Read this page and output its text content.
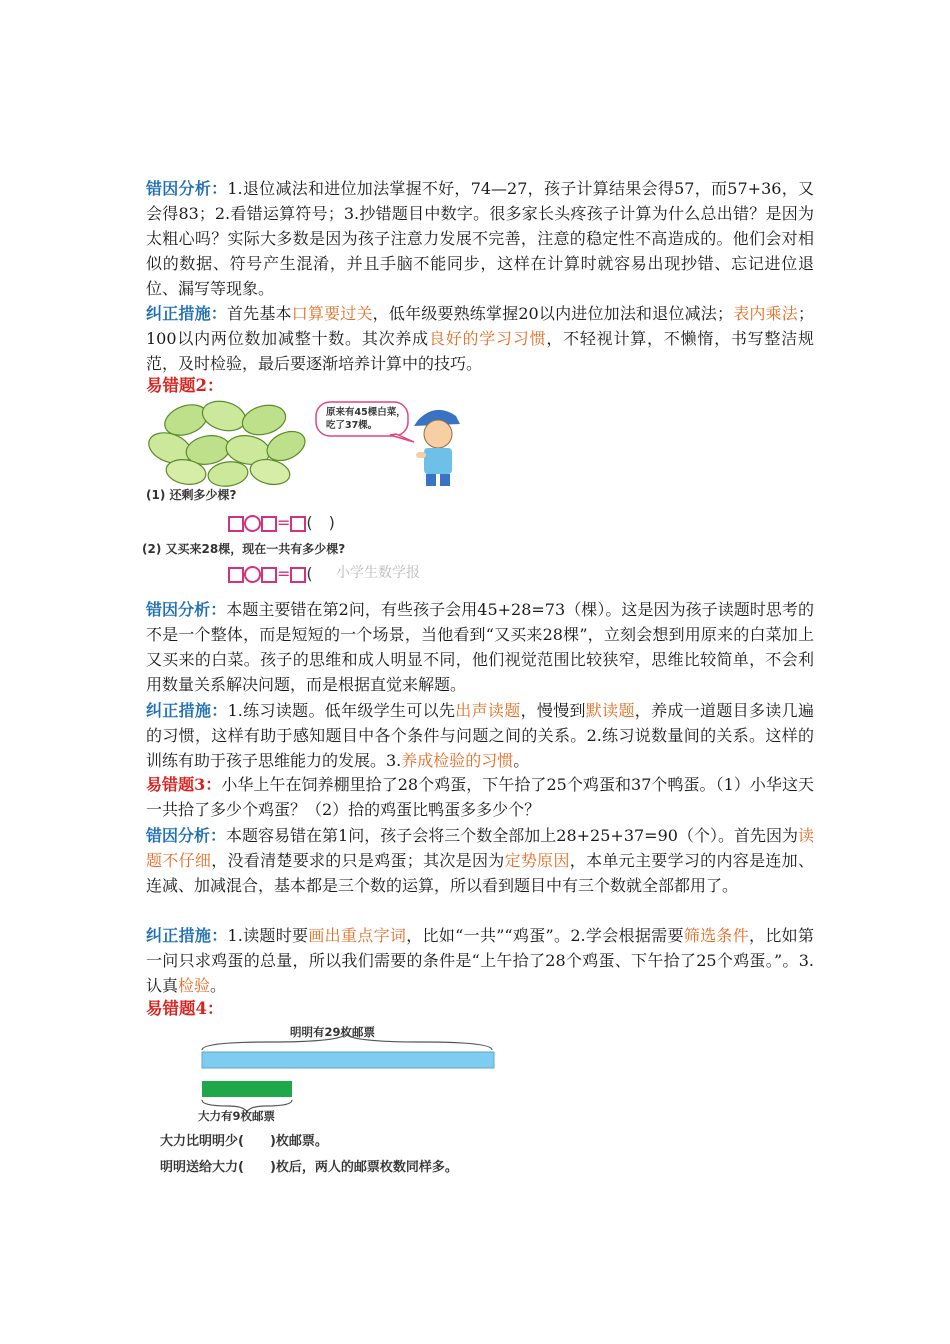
错因分析：1.退位减法和进位加法掌握不好，74—27，孩子计算结果会得57，而57+36，又会得83；2.看错运算符号；3.抄错题目中数字。很多家长头疼孩子计算为什么总出错？是因为太粗心吗？实际大多数是因为孩子注意力发展不完善，注意的稳定性不高造成的。他们会对相似的数据、符号产生混淆，并且手脑不能同步，这样在计算时就容易出现抄错、忘记进位退位、漏写等现象。

纠正措施：首先基本口算要过关，低年级要熟练掌握20以内进位加法和退位减法；表内乘法；100以内两位数加减整十数。其次养成良好的学习习惯，不轻视计算，不懒惰，书写整洁规范，及时检验，最后要逐渐培养计算中的技巧。

易错题2：

原来有45棵白菜，吃了37棵。
(1) 还剩多少棵?
= (　)
(2) 又买来28棵，现在一共有多少棵?
= ( 小学生数学报

错因分析：本题主要错在第2问，有些孩子会用45+28=73（棵）。这是因为孩子读题时思考的不是一个整体，而是短短的一个场景，当他看到“又买来28棵”，立刻会想到用原来的白菜加上又买来的白菜。孩子的思维和成人明显不同，他们视觉范围比较狭窄，思维比较简单，不会利用数量关系解决问题，而是根据直觉来解题。

纠正措施：1.练习读题。低年级学生可以先出声读题，慢慢到默读题，养成一道题目多读几遍的习惯，这样有助于感知题目中各个条件与问题之间的关系。2.练习说数量间的关系。这样的训练有助于孩子思维能力的发展。3.养成检验的习惯。

易错题3：小华上午在饲养棚里拾了28个鸡蛋，下午拾了25个鸡蛋和37个鸭蛋。（1）小华这天一共拾了多少个鸡蛋？（2）拾的鸡蛋比鸭蛋多多少个？

错因分析：本题容易错在第1问，孩子会将三个数全部加上28+25+37=90（个）。首先因为读题不仔细，没看清楚要求的只是鸡蛋；其次是因为定势原因，本单元主要学习的内容是连加、连减、加减混合，基本都是三个数的运算，所以看到题目中有三个数就全部都用了。

纠正措施：1.读题时要画出重点字词，比如“一共”“鸡蛋”。2.学会根据需要筛选条件，比如第一问只求鸡蛋的总量，所以我们需要的条件是“上午拾了28个鸡蛋、下午拾了25个鸡蛋。”。3.认真检验。

易错题4：

明明有29枚邮票
大力有9枚邮票
大力比明明少(　　)枚邮票。
明明送给大力(　　)枚后，两人的邮票枚数同样多。
